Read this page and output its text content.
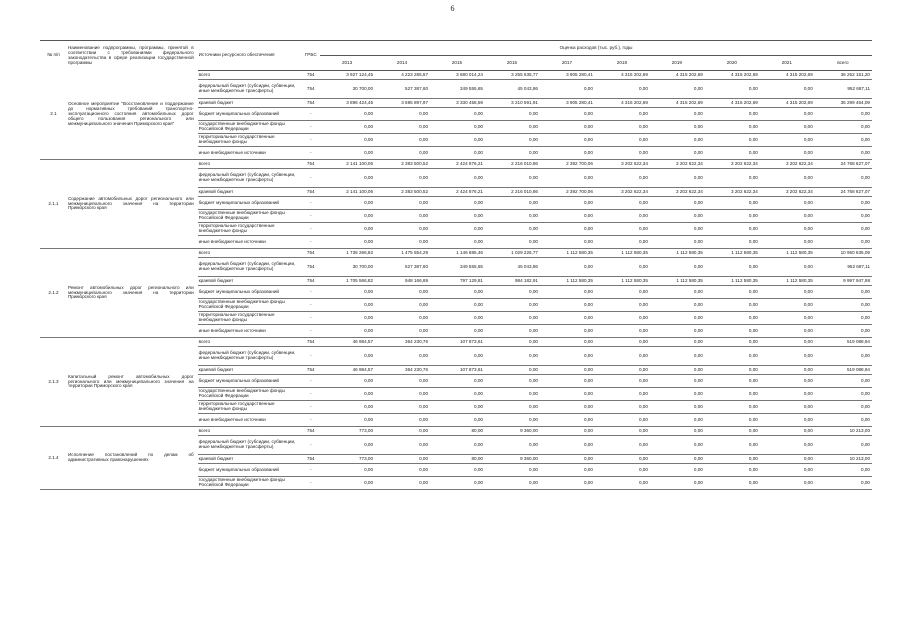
6
№ п/п	Наименование подпрограммы, программы, принятой в соответствии с требованиями федерального законодательства в сфере реализации государственной программы	Источники ресурсного обеспечения	ГРБС	Оценка расходов (тыс. руб.), годы									
				2013	2014	2015	2016	2017	2018	2019	2020	2021	всего
2.1	Основное мероприятие "Восстановление и поддержание до нормативных требований транспортно-эксплуатационного состояния автомобильных дорог общего пользования регионального или межмуниципального значения Приморского края"	всего	754	3 927 124,45	4 223 285,57	3 680 014,24	3 255 635,77	3 905 280,41	4 315 202,69	4 315 202,69	4 315 202,69	4 315 202,69	36 252 151,20
		федеральный бюджет (субсидии, субвенции, иные межбюджетные трансферты)	754	30 700,00	527 387,60	349 555,65	45 043,86	0,00	0,00	0,00	0,00	0,00	952 687,11
		краевой бюджет	754	3 896 424,45	3 695 897,97	3 330 458,59	3 210 591,91	3 905 280,41	4 315 202,69	4 315 202,69	4 315 202,69	4 315 202,69	35 299 464,09
		бюджет муниципальных образований	-	0,00	0,00	0,00	0,00	0,00	0,00	0,00	0,00	0,00	0,00
		государственные внебюджетные фонды Российской Федерации	-	0,00	0,00	0,00	0,00	0,00	0,00	0,00	0,00	0,00	0,00
		территориальные государственные внебюджетные фонды	-	0,00	0,00	0,00	0,00	0,00	0,00	0,00	0,00	0,00	0,00
		иные внебюджетные источники	-	0,00	0,00	0,00	0,00	0,00	0,00	0,00	0,00	0,00	0,00
2.1.1	Содержание автомобильных дорог регионального или межмуниципального значения на территории Приморского края	всего	754	2 141 100,06	2 383 500,52	2 424 876,21	2 216 010,86	2 392 700,06	3 202 622,34	3 202 622,34	3 202 622,34	3 202 622,34	24 768 627,07
		федеральный бюджет (субсидии, субвенции, иные межбюджетные трансферты)	-	0,00	0,00	0,00	0,00	0,00	0,00	0,00	0,00	0,00	0,00
		краевой бюджет	754	2 141 100,06	2 383 500,52	2 424 876,21	2 216 010,86	2 392 700,06	3 202 622,34	3 202 622,34	3 202 622,34	3 202 622,34	24 768 627,07
		бюджет муниципальных образований	-	0,00	0,00	0,00	0,00	0,00	0,00	0,00	0,00	0,00	0,00
		государственные внебюджетные фонды Российской Федерации	-	0,00	0,00	0,00	0,00	0,00	0,00	0,00	0,00	0,00	0,00
		территориальные государственные внебюджетные фонды	-	0,00	0,00	0,00	0,00	0,00	0,00	0,00	0,00	0,00	0,00
		иные внебюджетные источники	-	0,00	0,00	0,00	0,00	0,00	0,00	0,00	0,00	0,00	0,00
2.1.2	Ремонт автомобильных дорог регионального или межмуниципального значения на территории Приморского края	всего	754	1 736 266,82	1 475 554,29	1 146 685,46	1 029 226,77	1 112 580,35	1 112 580,35	1 112 580,35	1 112 580,35	1 112 580,35	10 950 635,09
		федеральный бюджет (субсидии, субвенции, иные межбюджетные трансферты)	754	30 700,00	527 387,60	349 555,65	45 043,86	0,00	0,00	0,00	0,00	0,00	952 687,11
		краевой бюджет	754	1 705 566,82	948 166,69	797 129,81	984 182,91	1 112 580,35	1 112 580,35	1 112 580,35	1 112 580,35	1 112 580,35	9 997 947,98
		бюджет муниципальных образований	-	0,00	0,00	0,00	0,00	0,00	0,00	0,00	0,00	0,00	0,00
		государственные внебюджетные фонды Российской Федерации	-	0,00	0,00	0,00	0,00	0,00	0,00	0,00	0,00	0,00	0,00
		территориальные государственные внебюджетные фонды	-	0,00	0,00	0,00	0,00	0,00	0,00	0,00	0,00	0,00	0,00
		иные внебюджетные источники	-	0,00	0,00	0,00	0,00	0,00	0,00	0,00	0,00	0,00	0,00
2.1.3	Капитальный ремонт автомобильных дорог регионального или межмуниципального значения на территории Приморского края	всего	754	46 984,57	364 230,76	107 873,61	0,00	0,00	0,00	0,00	0,00	0,00	519 088,94
		федеральный бюджет (субсидии, субвенции, иные межбюджетные трансферты)	-	0,00	0,00	0,00	0,00	0,00	0,00	0,00	0,00	0,00	0,00
		краевой бюджет	754	46 984,57	364 230,76	107 873,61	0,00	0,00	0,00	0,00	0,00	0,00	519 088,94
		бюджет муниципальных образований	-	0,00	0,00	0,00	0,00	0,00	0,00	0,00	0,00	0,00	0,00
		государственные внебюджетные фонды Российской Федерации	-	0,00	0,00	0,00	0,00	0,00	0,00	0,00	0,00	0,00	0,00
		территориальные государственные внебюджетные фонды	-	0,00	0,00	0,00	0,00	0,00	0,00	0,00	0,00	0,00	0,00
		иные внебюджетные источники	-	0,00	0,00	0,00	0,00	0,00	0,00	0,00	0,00	0,00	0,00
2.1.4	Исполнение постановлений по делам об административных правонарушениях	всего	754	773,00	0,00	80,00	9 360,00	0,00	0,00	0,00	0,00	0,00	10 213,00
		федеральный бюджет (субсидии, субвенции, иные межбюджетные трансферты)	-	0,00	0,00	0,00	0,00	0,00	0,00	0,00	0,00	0,00	0,00
		краевой бюджет	754	773,00	0,00	80,00	9 360,00	0,00	0,00	0,00	0,00	0,00	10 213,00
		бюджет муниципальных образований	-	0,00	0,00	0,00	0,00	0,00	0,00	0,00	0,00	0,00	0,00
		государственные внебюджетные фонды Российской Федерации	-	0,00	0,00	0,00	0,00	0,00	0,00	0,00	0,00	0,00	0,00
